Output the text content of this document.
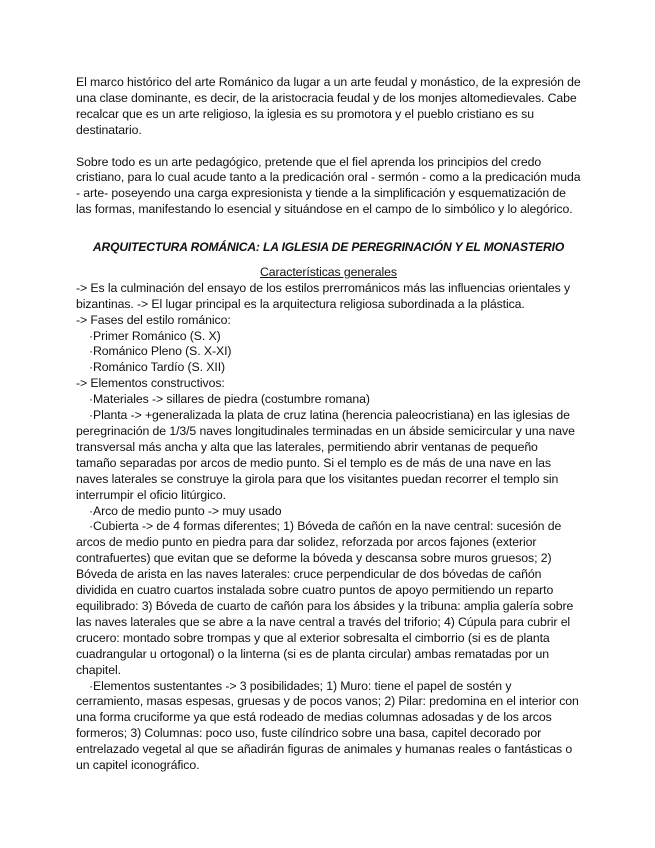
El marco histórico del arte Románico da lugar a un arte feudal y monástico, de la expresión de una clase dominante, es decir, de la aristocracia feudal y de los monjes altomedievales. Cabe recalcar que es un arte religioso, la iglesia es su promotora y el pueblo cristiano es su destinatario.

Sobre todo es un arte pedagógico, pretende que el fiel aprenda los principios del credo cristiano, para lo cual acude tanto a la predicación oral - sermón - como a la predicación muda - arte- poseyendo una carga expresionista y tiende a la simplificación y esquematización de las formas, manifestando lo esencial y situándose en el campo de lo simbólico y lo alegórico.

ARQUITECTURA ROMÁNICA: LA IGLESIA DE PEREGRINACIÓN Y EL MONASTERIO

Características generales

-> Es la culminación del ensayo de los estilos prerrománicos más las influencias orientales y bizantinas. -> El lugar principal es la arquitectura religiosa subordinada a la plástica.

-> Fases del estilo románico:

·Primer Románico (S. X)

·Románico Pleno (S. X-XI)

·Románico Tardío (S. XII)

-> Elementos constructivos:

·Materiales -> sillares de piedra (costumbre romana)

·Planta -> +generalizada la plata de cruz latina (herencia paleocristiana) en las iglesias de peregrinación de 1/3/5 naves longitudinales terminadas en un ábside semicircular y una nave transversal más ancha y alta que las laterales, permitiendo abrir ventanas de pequeño tamaño separadas por arcos de medio punto. Si el templo es de más de una nave en las naves laterales se construye la girola para que los visitantes puedan recorrer el templo sin interrumpir el oficio litúrgico.

·Arco de medio punto -> muy usado

·Cubierta -> de 4 formas diferentes; 1) Bóveda de cañón en la nave central: sucesión de arcos de medio punto en piedra para dar solidez, reforzada por arcos fajones (exterior contrafuertes) que evitan que se deforme la bóveda y descansa sobre muros gruesos; 2) Bóveda de arista en las naves laterales: cruce perpendicular de dos bóvedas de cañón dividida en cuatro cuartos instalada sobre cuatro puntos de apoyo permitiendo un reparto equilibrado: 3) Bóveda de cuarto de cañón para los ábsides y la tribuna: amplia galería sobre las naves laterales que se abre a la nave central a través del triforio; 4) Cúpula para cubrir el crucero: montado sobre trompas y que al exterior sobresalta el cimborrio (si es de planta cuadrangular u ortogonal) o la linterna (si es de planta circular) ambas rematadas por un chapitel.

·Elementos sustentantes -> 3 posibilidades; 1) Muro: tiene el papel de sostén y cerramiento, masas espesas, gruesas y de pocos vanos; 2) Pilar: predomina en el interior con una forma cruciforme ya que está rodeado de medias columnas adosadas y de los arcos formeros; 3) Columnas: poco uso, fuste cilíndrico sobre una basa, capitel decorado por entrelazado vegetal al que se añadirán figuras de animales y humanas reales o fantásticas o un capitel iconográfico.
